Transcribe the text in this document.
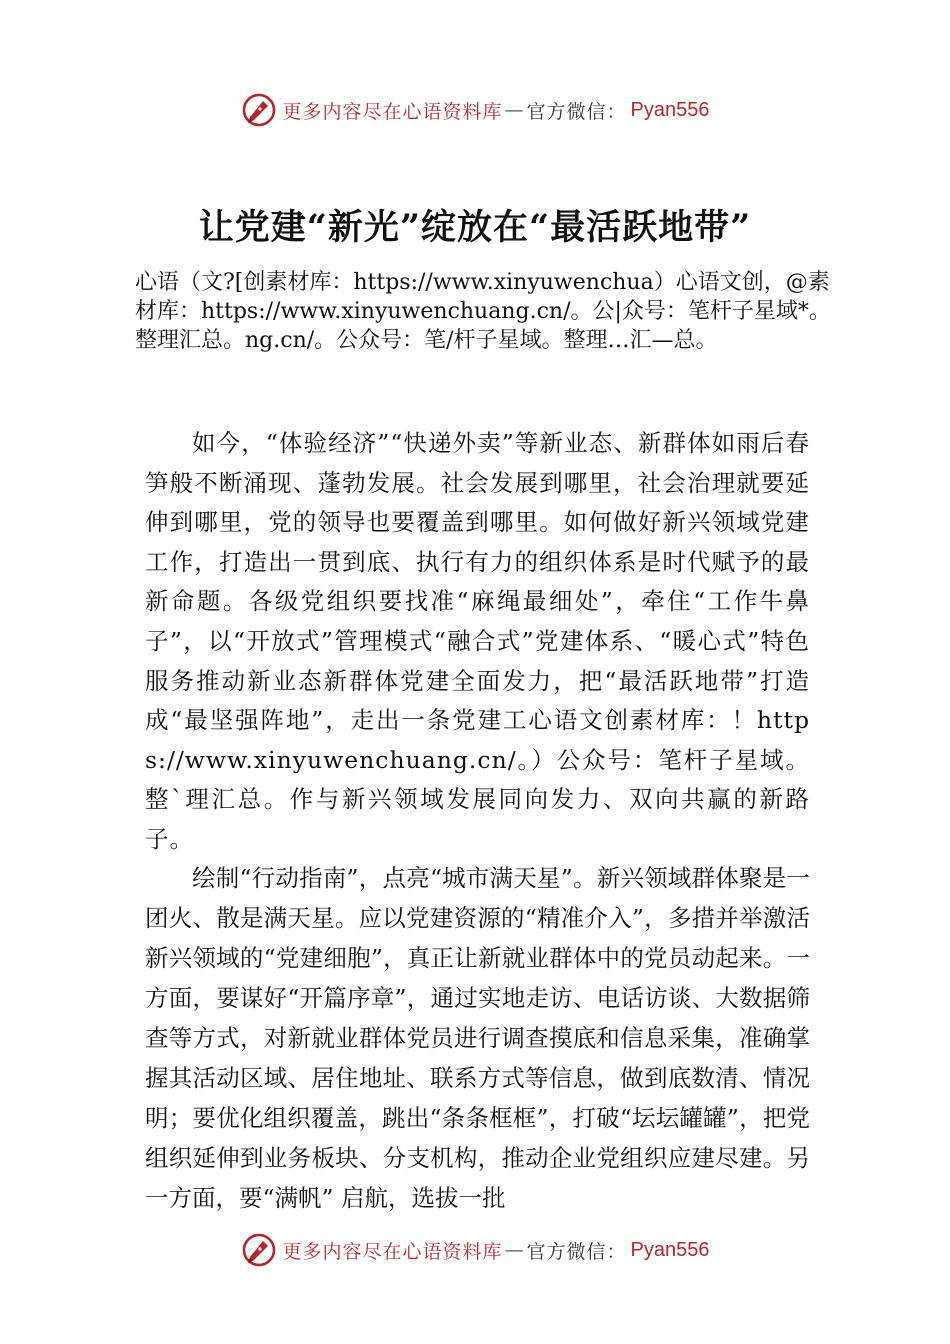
更多内容尽在心语资料库 — 官方微信： Pyan556
让党建“新光”绽放在“最活跃地带”

心语（文?[创素材库：https://www.xinyuwenchua）心语文创，@素材库：https://www.xinyuwenchuang.cn/。公|众号：笔杆子星域*。整理汇总。ng.cn/。公众号：笔/杆子星域。整理…汇—总。

如今，“体验经济”“快递外卖”等新业态、新群体如雨后春笋般不断涌现、蓬勃发展。社会发展到哪里，社会治理就要延伸到哪里，党的领导也要覆盖到哪里。如何做好新兴领域党建工作，打造出一贯到底、执行有力的组织体系是时代赋予的最新命题。各级党组织要找准“麻绳最细处”，牵住“工作牛鼻子”，以“开放式”管理模式“融合式”党建体系、“暖心式”特色服务推动新业态新群体党建全面发力，把“最活跃地带”打造成“最坚强阵地”，走出一条党建工心语文创素材库：！https://www.xinyuwenchuang.cn/。）公众号：笔杆子星域。整`理汇总。作与新兴领域发展同向发力、双向共赢的新路子。

绘制“行动指南”，点亮“城市满天星”。新兴领域群体聚是一团火、散是满天星。应以党建资源的“精准介入”，多措并举激活新兴领域的“党建细胞”，真正让新就业群体中的党员动起来。一方面，要谋好“开篇序章”，通过实地走访、电话访谈、大数据筛查等方式，对新就业群体党员进行调查摸底和信息采集，准确掌握其活动区域、居住地址、联系方式等信息，做到底数清、情况明；要优化组织覆盖，跳出“条条框框”，打破“坛坛罐罐”，把党组织延伸到业务板块、分支机构，推动企业党组织应建尽建。另一方面，要“满帆” 启航，选拔一批

更多内容尽在心语资料库 — 官方微信： Pyan556
